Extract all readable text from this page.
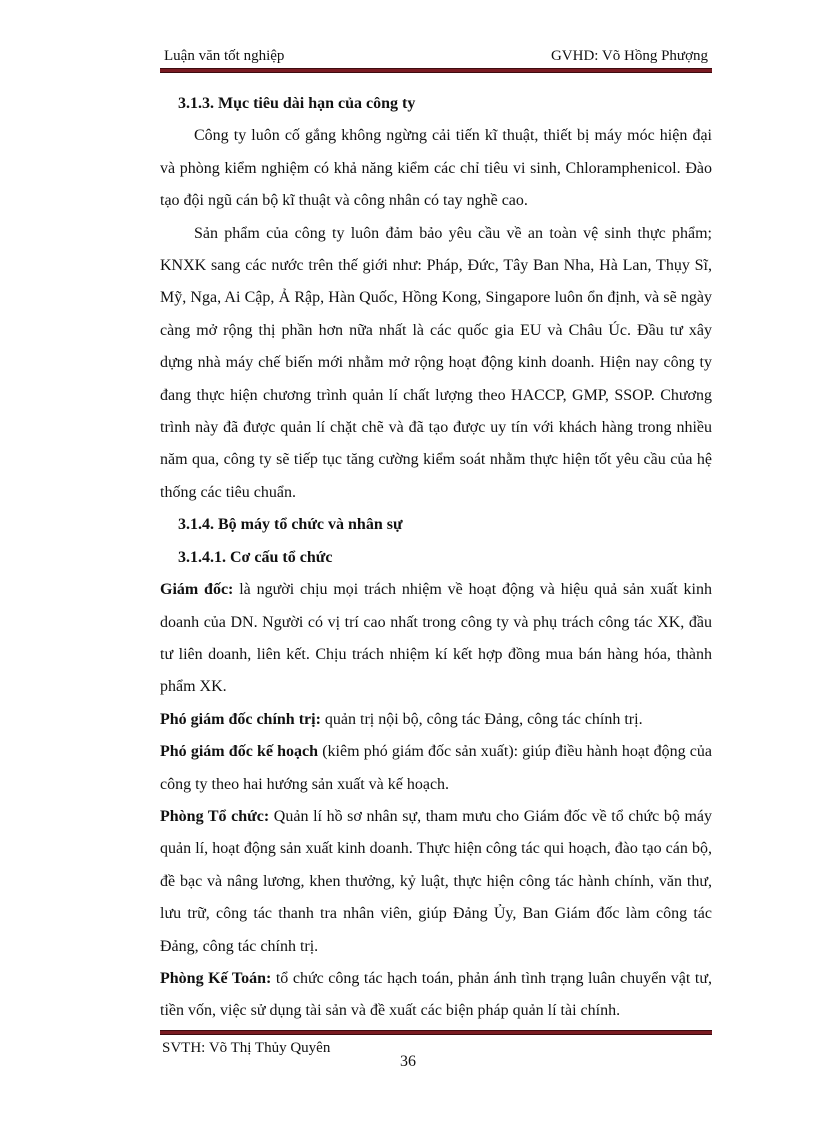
Luận văn tốt nghiệp	GVHD: Võ Hồng Phượng

3.1.3. Mục tiêu dài hạn của công ty

Công ty luôn cố gắng không ngừng cải tiến kĩ thuật, thiết bị máy móc hiện đại và phòng kiểm nghiệm có khả năng kiểm các chỉ tiêu vi sinh, Chloramphenicol. Đào tạo đội ngũ cán bộ kĩ thuật và công nhân có tay nghề cao.

Sản phẩm của công ty luôn đảm bảo yêu cầu về an toàn vệ sinh thực phẩm; KNXK sang các nước trên thế giới như: Pháp, Đức, Tây Ban Nha, Hà Lan, Thụy Sĩ, Mỹ, Nga, Ai Cập, Ả Rập, Hàn Quốc, Hồng Kong, Singapore luôn ổn định, và sẽ ngày càng mở rộng thị phần hơn nữa nhất là các quốc gia EU và Châu Úc. Đầu tư xây dựng nhà máy chế biến mới nhằm mở rộng hoạt động kinh doanh. Hiện nay công ty đang thực hiện chương trình quản lí chất lượng theo HACCP, GMP, SSOP. Chương trình này đã được quản lí chặt chẽ và đã tạo được uy tín với khách hàng trong nhiều năm qua, công ty sẽ tiếp tục tăng cường kiểm soát nhằm thực hiện tốt yêu cầu của hệ thống các tiêu chuẩn.

3.1.4. Bộ máy tổ chức và nhân sự

3.1.4.1. Cơ cấu tổ chức

Giám đốc: là người chịu mọi trách nhiệm về hoạt động và hiệu quả sản xuất kinh doanh của DN. Người có vị trí cao nhất trong công ty và phụ trách công tác XK, đầu tư liên doanh, liên kết. Chịu trách nhiệm kí kết hợp đồng mua bán hàng hóa, thành phẩm XK.

Phó giám đốc chính trị: quản trị nội bộ, công tác Đảng, công tác chính trị.

Phó giám đốc kế hoạch (kiêm phó giám đốc sản xuất): giúp điều hành hoạt động của công ty theo hai hướng sản xuất và kế hoạch.

Phòng Tổ chức: Quản lí hồ sơ nhân sự, tham mưu cho Giám đốc về tổ chức bộ máy quản lí, hoạt động sản xuất kinh doanh. Thực hiện công tác qui hoạch, đào tạo cán bộ, đề bạc và nâng lương, khen thưởng, kỷ luật, thực hiện công tác hành chính, văn thư, lưu trữ, công tác thanh tra nhân viên, giúp Đảng Ủy, Ban Giám đốc làm công tác Đảng, công tác chính trị.

Phòng Kế Toán: tổ chức công tác hạch toán, phản ánh tình trạng luân chuyển vật tư, tiền vốn, việc sử dụng tài sản và đề xuất các biện pháp quản lí tài chính.

SVTH: Võ Thị Thủy Quyên
36
